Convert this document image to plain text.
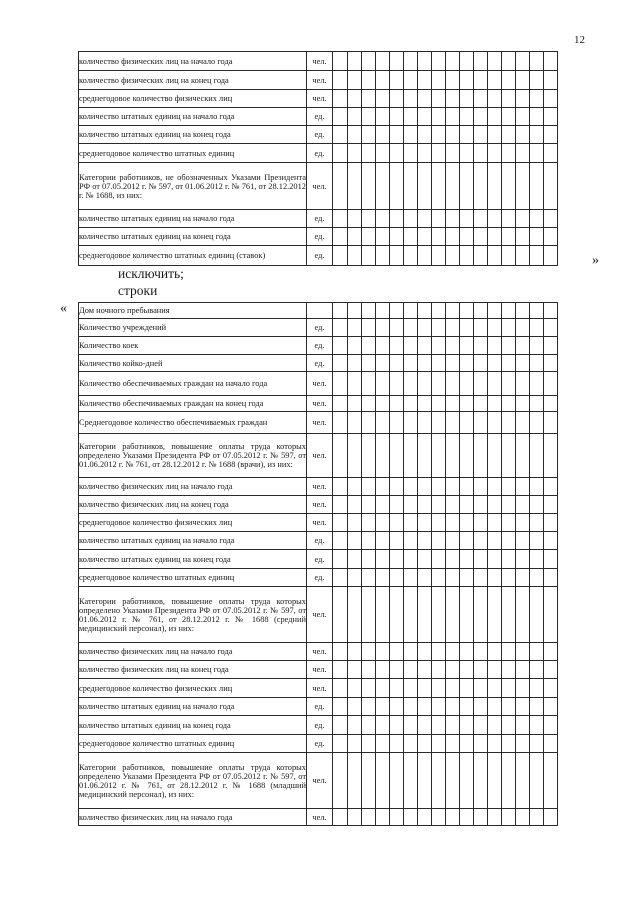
12
количество физических лиц на начало года	чел.																

количество физических лиц на конец года	чел.																

среднегодовое количество физических лиц	чел.																

количество штатных единиц на начало года	ед.																

количество штатных единиц на конец года	ед.																

среднегодовое количество штатных единиц	ед.																

Категории работников, не обозначенных Указами Президента РФ от 07.05.2012 г. № 597, от 01.06.2012 г. № 761, от 28.12.2012 г. № 1688, из них:	чел.																

количество штатных единиц на начало года	ед.																

количество штатных единиц на конец года	ед.																

среднегодовое количество штатных единиц (ставок)	ед.																	»
исключить;
строки
« Дом ночного пребывания																	

Количество учреждений	ед.																

Количество коек	ед.																

Количество койко-дней	ед.																

Количество обеспечиваемых граждан на начало года	чел.																

Количество обеспечиваемых граждан на конец года	чел.																

Среднегодовое количество обеспечиваемых граждан	чел.																

Категории работников, повышение оплаты труда которых определено Указами Президента РФ от 07.05.2012 г. № 597, от 01.06.2012 г. № 761, от 28.12.2012 г. № 1688 (врачи), из них:	чел.																

количество физических лиц на начало года	чел.																

количество физических лиц на конец года	чел.																

среднегодовое количество физических лиц	чел.																

количество штатных единиц на начало года	ед.																

количество штатных единиц на конец года	ед.																

среднегодовое количество штатных единиц	ед.																

Категории работников, повышение оплаты труда которых определено Указами Президента РФ от 07.05.2012 г. № 597, от 01.06.2012 г. № 761, от 28.12.2012 г. № 1688 (средний медицинский персонал), из них:	чел.																

количество физических лиц на начало года	чел.																

количество физических лиц на конец года	чел.																

среднегодовое количество физических лиц	чел.																

количество штатных единиц на начало года	ед.																

количество штатных единиц на конец года	ед.																

среднегодовое количество штатных единиц	ед.																

Категории работников, повышение оплаты труда которых определено Указами Президента РФ от 07.05.2012 г. № 597, от 01.06.2012 г. № 761, от 28.12.2012 г. № 1688 (младший медицинский персонал), из них:	чел.																

количество физических лиц на начало года	чел.																
